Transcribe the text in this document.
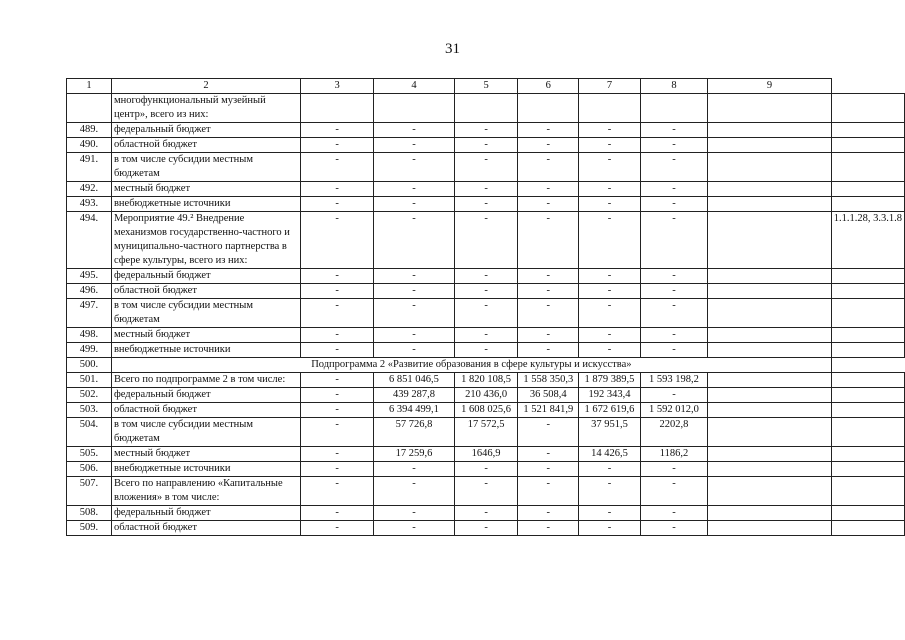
31
1	2	3	4	5	6	7	8	9	
	многофункциональный музейный центр», всего из них:								
489.	федеральный бюджет	-	-	-	-	-	-		
490.	областной бюджет	-	-	-	-	-	-		
491.	в том числе субсидии местным бюджетам	-	-	-	-	-	-		
492.	местный бюджет	-	-	-	-	-	-		
493.	внебюджетные источники	-	-	-	-	-	-		
494.	Мероприятие 49.² Внедрение механизмов государственно-частного и муниципально-частного партнерства в сфере культуры, всего из них:	-	-	-	-	-	-		1.1.1.28, 3.3.1.8
495.	федеральный бюджет	-	-	-	-	-	-		
496.	областной бюджет	-	-	-	-	-	-		
497.	в том числе субсидии местным бюджетам	-	-	-	-	-	-		
498.	местный бюджет	-	-	-	-	-	-		
499.	внебюджетные источники	-	-	-	-	-	-		
500.	Подпрограмма 2 «Развитие образования в сфере культуры и искусства»								
501.	Всего по подпрограмме 2 в том числе:	-	6 851 046,5	1 820 108,5	1 558 350,3	1 879 389,5	1 593 198,2		
502.	федеральный бюджет	-	439 287,8	210 436,0	36 508,4	192 343,4	-		
503.	областной бюджет	-	6 394 499,1	1 608 025,6	1 521 841,9	1 672 619,6	1 592 012,0		
504.	в том числе субсидии местным бюджетам	-	57 726,8	17 572,5	-	37 951,5	2202,8		
505.	местный бюджет	-	17 259,6	1646,9	-	14 426,5	1186,2		
506.	внебюджетные источники	-	-	-	-	-	-		
507.	Всего по направлению «Капитальные вложения» в том числе:	-	-	-	-	-	-		
508.	федеральный бюджет	-	-	-	-	-	-		
509.	областной бюджет	-	-	-	-	-	-		
